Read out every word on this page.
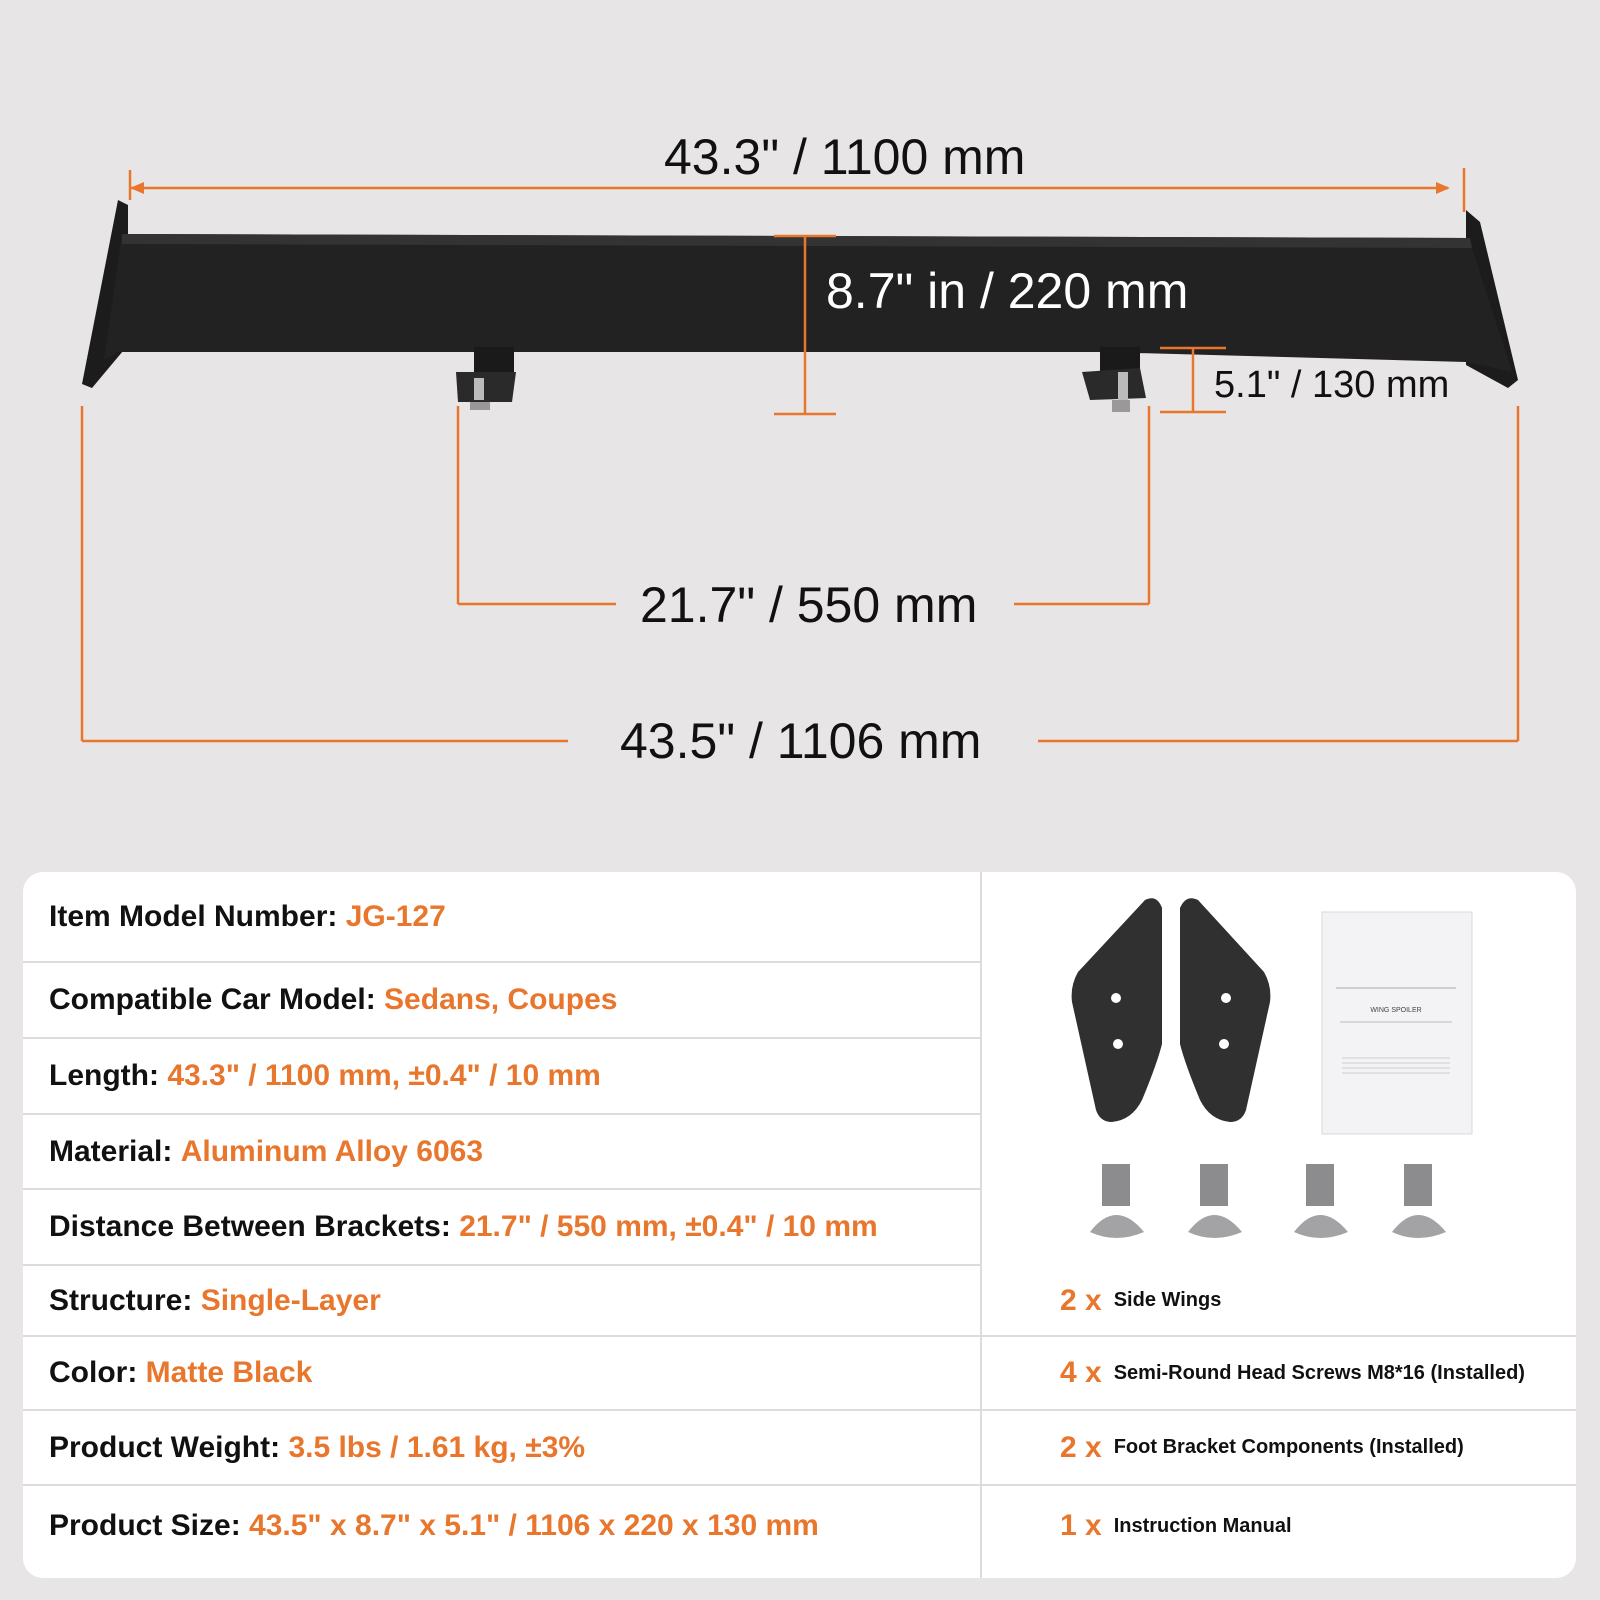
43.3" / 1100 mm
8.7" in / 220 mm
5.1" / 130 mm
21.7" / 550 mm
43.5" / 1106 mm
Item Model Number:
JG-127
Compatible Car Model:
Sedans, Coupes
Length:
43.3" / 1100 mm, ±0.4" / 10 mm
Material:
Aluminum Alloy 6063
Distance Between Brackets:
21.7" / 550 mm, ±0.4" / 10 mm
Structure:
Single-Layer
Color:
Matte Black
Product Weight:
3.5 lbs / 1.61 kg, ±3%
Product Size:
43.5" x 8.7" x 5.1" / 1106 x 220 x 130 mm
WING SPOILER
2 x Side Wings
4 x Semi-Round Head Screws M8*16 (Installed)
2 x Foot Bracket Components (Installed)
1 x Instruction Manual
